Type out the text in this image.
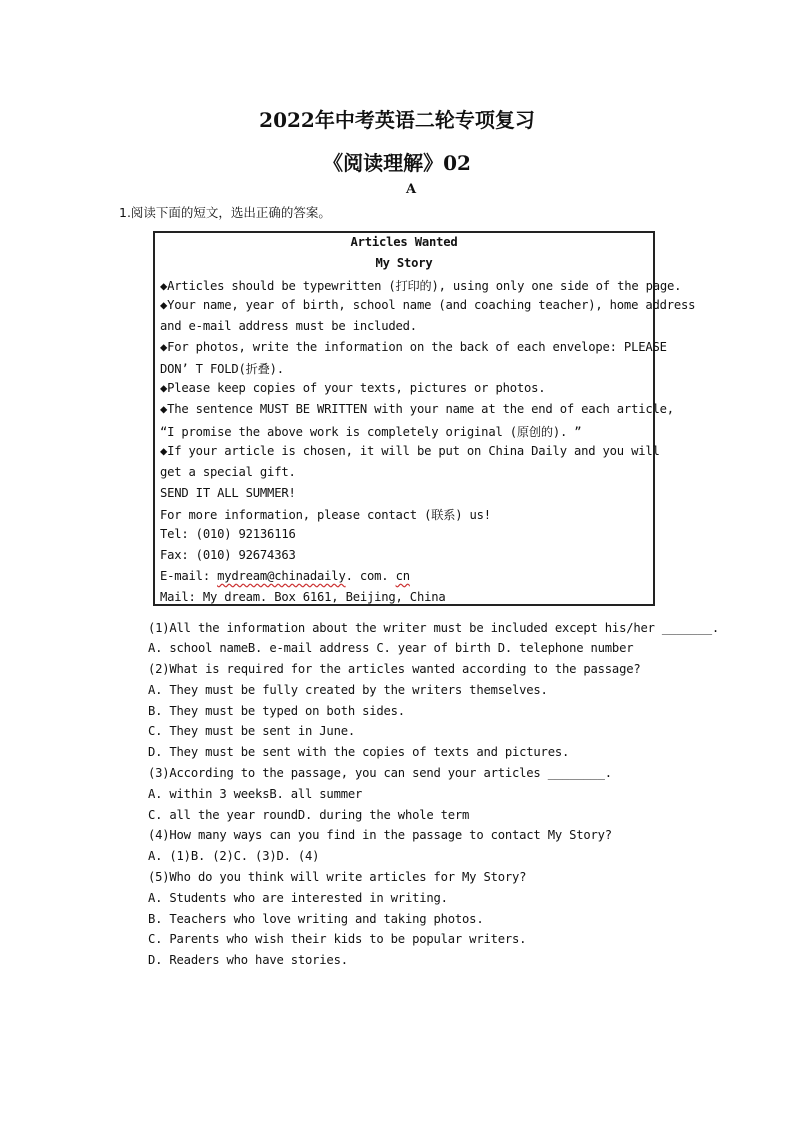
2022年中考英语二轮专项复习
《阅读理解》02
A
1.阅读下面的短文，选出正确的答案。
Articles Wanted
My Story
◆Articles should be typewritten (打印的), using only one side of the page.
◆Your name, year of birth, school name (and coaching teacher), home address
and e-mail address must be included.
◆For photos, write the information on the back of each envelope: PLEASE
DON’ T FOLD(折叠).
◆Please keep copies of your texts, pictures or photos.
◆The sentence MUST BE WRITTEN with your name at the end of each article,
“I promise the above work is completely original (原创的). ”
◆If your article is chosen, it will be put on China Daily and you will
get a special gift.
SEND IT ALL SUMMER!
For more information, please contact (联系) us!
Tel: (010) 92136116
Fax: (010) 92674363
E-mail: mydream@chinadaily. com. cn
Mail: My dream. Box 6161, Beijing, China
(1)All the information about the writer must be included except his/her _______.
A. school nameB. e-mail address C. year of birth D. telephone number
(2)What is required for the articles wanted according to the passage?
A. They must be fully created by the writers themselves.
B. They must be typed on both sides.
C. They must be sent in June.
D. They must be sent with the copies of texts and pictures.
(3)According to the passage, you can send your articles ________.
A. within 3 weeksB. all summer
C. all the year roundD. during the whole term
(4)How many ways can you find in the passage to contact My Story?
A. (1)B. (2)C. (3)D. (4)
(5)Who do you think will write articles for My Story?
A. Students who are interested in writing.
B. Teachers who love writing and taking photos.
C. Parents who wish their kids to be popular writers.
D. Readers who have stories.
